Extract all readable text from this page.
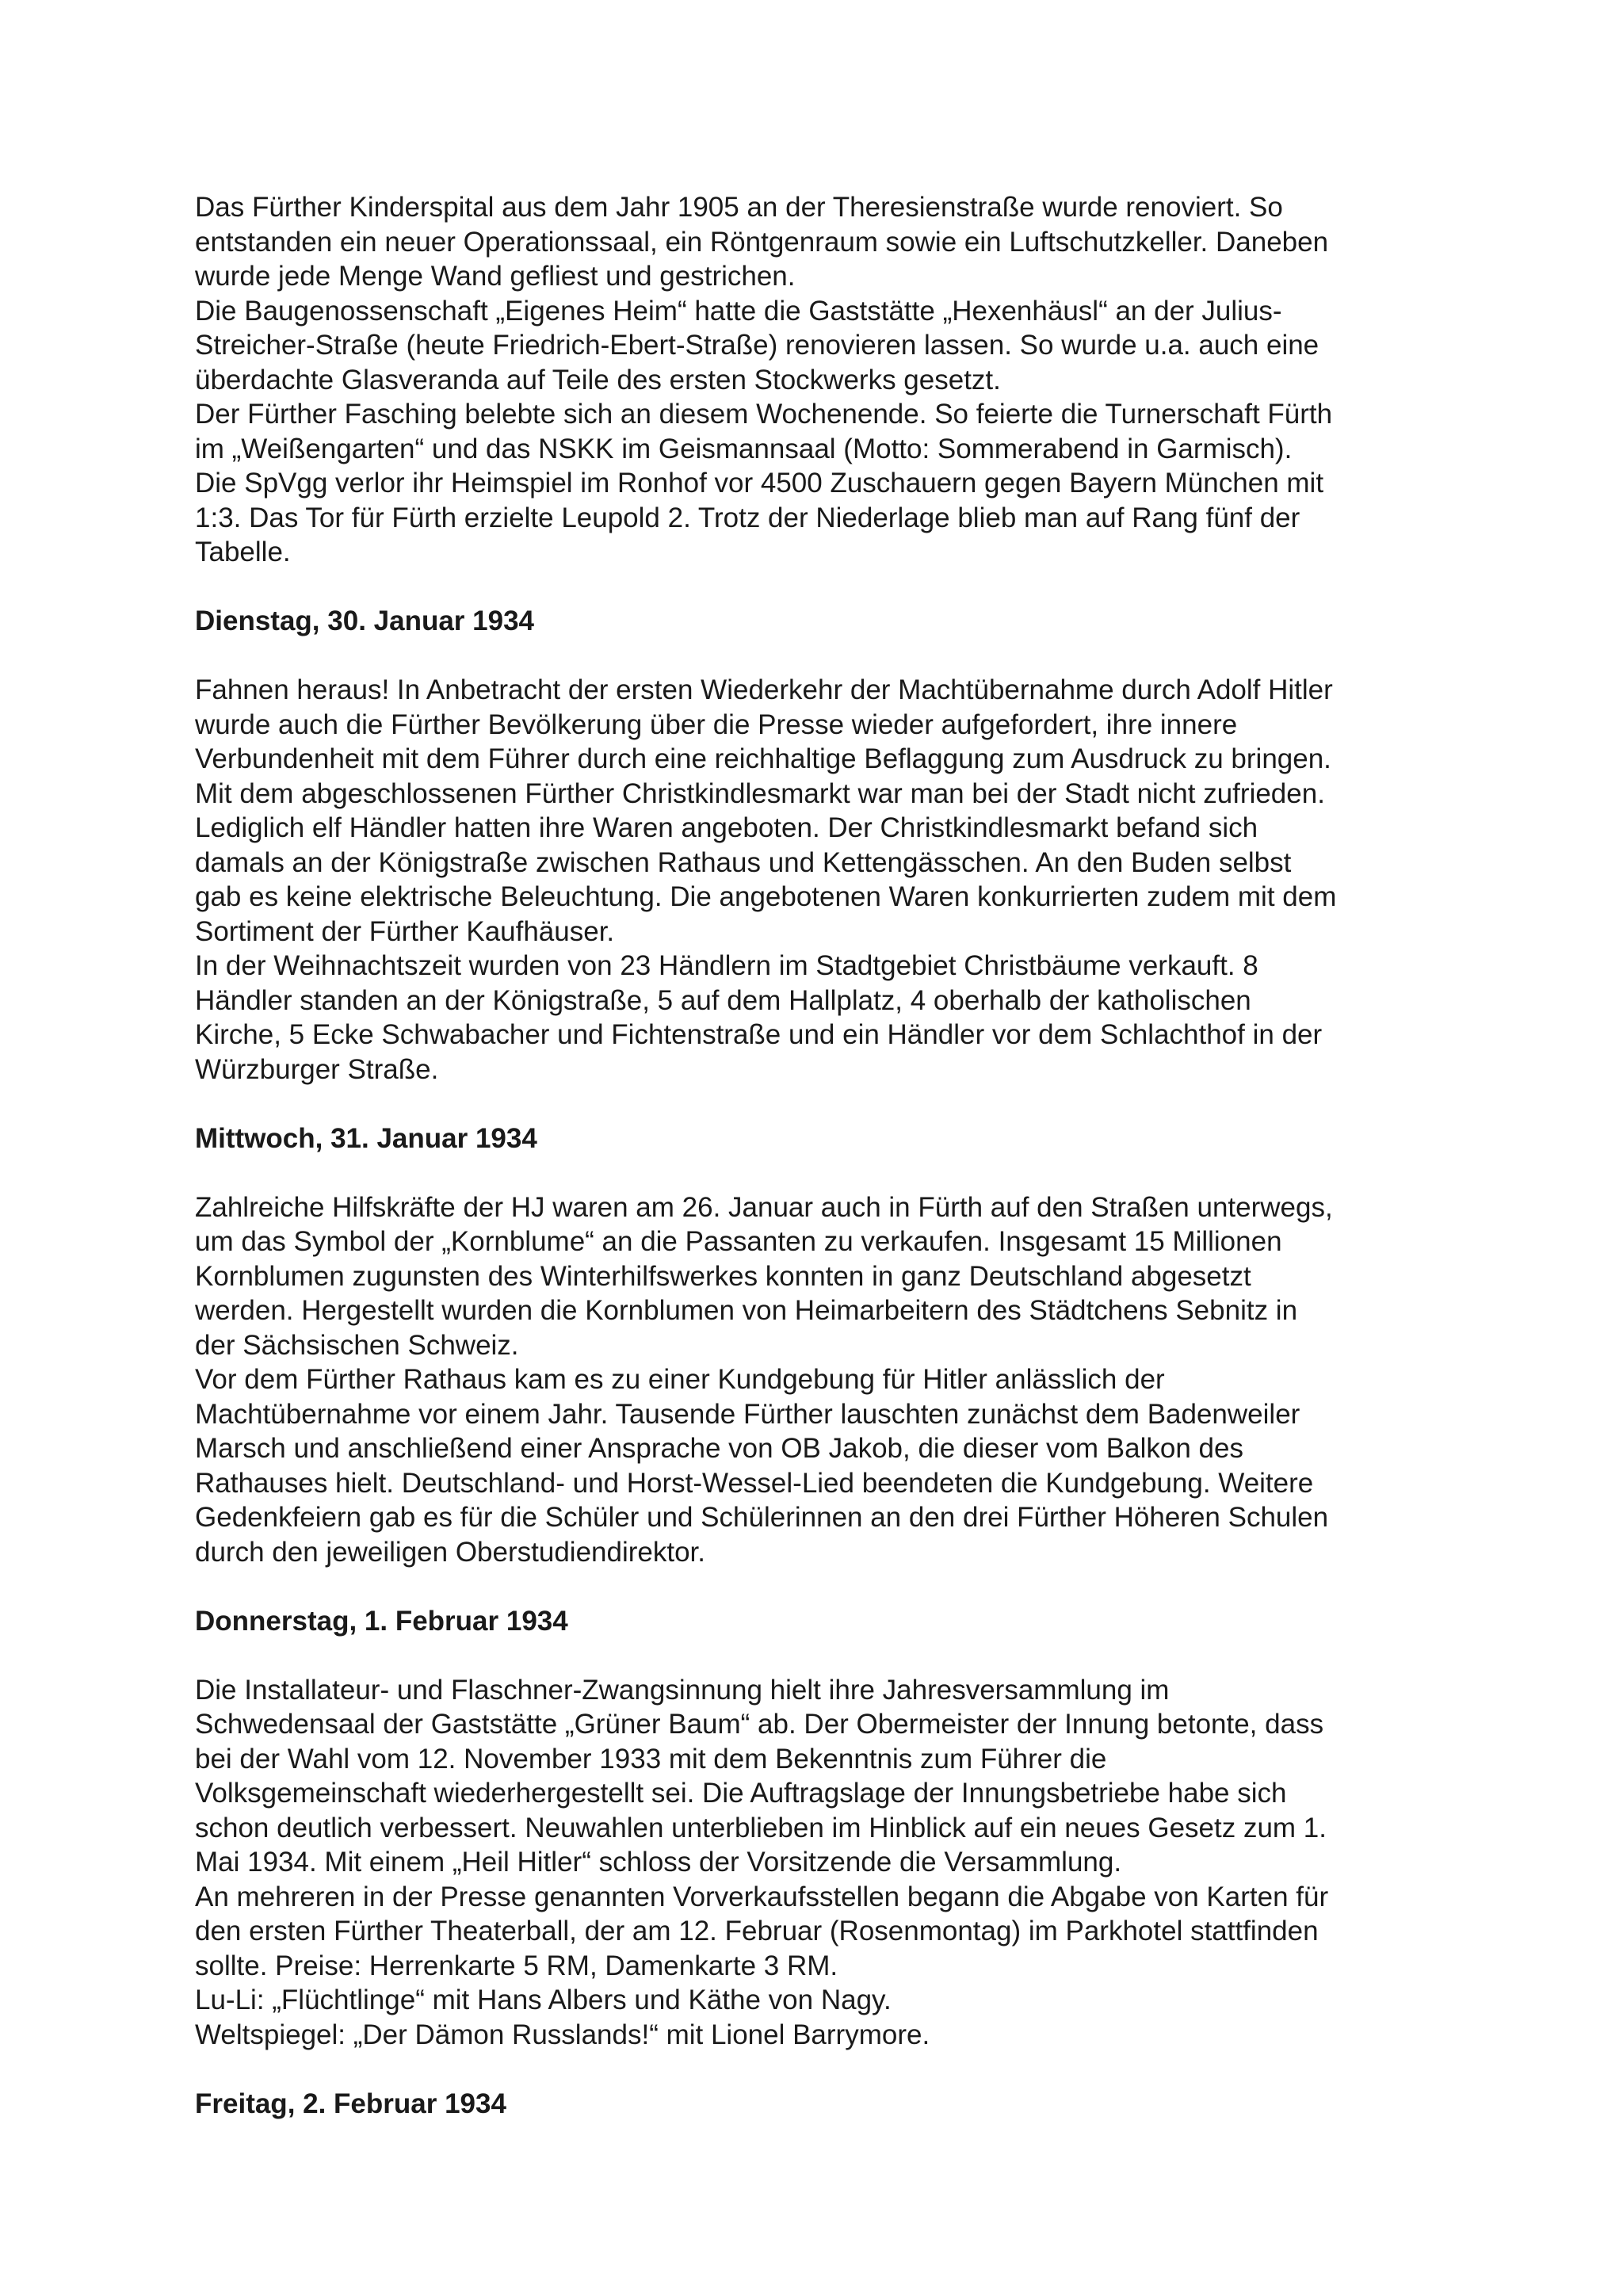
Das Fürther Kinderspital aus dem Jahr 1905 an der Theresienstraße wurde renoviert. So
entstanden ein neuer Operationssaal, ein Röntgenraum sowie ein Luftschutzkeller. Daneben
wurde jede Menge Wand gefliest und gestrichen.

Die Baugenossenschaft „Eigenes Heim“ hatte die Gaststätte „Hexenhäusl“ an der Julius-
Streicher-Straße (heute Friedrich-Ebert-Straße) renovieren lassen. So wurde u.a. auch eine
überdachte Glasveranda auf Teile des ersten Stockwerks gesetzt.

Der Fürther Fasching belebte sich an diesem Wochenende. So feierte die Turnerschaft Fürth
im „Weißengarten“ und das NSKK im Geismannsaal (Motto: Sommerabend in Garmisch).

Die SpVgg verlor ihr Heimspiel im Ronhof vor 4500 Zuschauern gegen Bayern München mit
1:3. Das Tor für Fürth erzielte Leupold 2. Trotz der Niederlage blieb man auf Rang fünf der
Tabelle.

Dienstag, 30. Januar 1934

Fahnen heraus! In Anbetracht der ersten Wiederkehr der Machtübernahme durch Adolf Hitler
wurde auch die Fürther Bevölkerung über die Presse wieder aufgefordert, ihre innere
Verbundenheit mit dem Führer durch eine reichhaltige Beflaggung zum Ausdruck zu bringen.

Mit dem abgeschlossenen Fürther Christkindlesmarkt war man bei der Stadt nicht zufrieden.
Lediglich elf Händler hatten ihre Waren angeboten. Der Christkindlesmarkt befand sich
damals an der Königstraße zwischen Rathaus und Kettengässchen. An den Buden selbst
gab es keine elektrische Beleuchtung. Die angebotenen Waren konkurrierten zudem mit dem
Sortiment der Fürther Kaufhäuser.

In der Weihnachtszeit wurden von 23 Händlern im Stadtgebiet Christbäume verkauft. 8
Händler standen an der Königstraße, 5 auf dem Hallplatz, 4 oberhalb der katholischen
Kirche, 5 Ecke Schwabacher und Fichtenstraße und ein Händler vor dem Schlachthof in der
Würzburger Straße.

Mittwoch, 31. Januar 1934

Zahlreiche Hilfskräfte der HJ waren am 26. Januar auch in Fürth auf den Straßen unterwegs,
um das Symbol der „Kornblume“ an die Passanten zu verkaufen. Insgesamt 15 Millionen
Kornblumen zugunsten des Winterhilfswerkes konnten in ganz Deutschland abgesetzt
werden. Hergestellt wurden die Kornblumen von Heimarbeitern des Städtchens Sebnitz in
der Sächsischen Schweiz.

Vor dem Fürther Rathaus kam es zu einer Kundgebung für Hitler anlässlich der
Machtübernahme vor einem Jahr. Tausende Fürther lauschten zunächst dem Badenweiler
Marsch und anschließend einer Ansprache von OB Jakob, die dieser vom Balkon des
Rathauses hielt. Deutschland- und Horst-Wessel-Lied beendeten die Kundgebung. Weitere
Gedenkfeiern gab es für die Schüler und Schülerinnen an den drei Fürther Höheren Schulen
durch den jeweiligen Oberstudiendirektor.

Donnerstag, 1. Februar 1934

Die Installateur- und Flaschner-Zwangsinnung hielt ihre Jahresversammlung im
Schwedensaal der Gaststätte „Grüner Baum“ ab. Der Obermeister der Innung betonte, dass
bei der Wahl vom 12. November 1933 mit dem Bekenntnis zum Führer die
Volksgemeinschaft wiederhergestellt sei. Die Auftragslage der Innungsbetriebe habe sich
schon deutlich verbessert. Neuwahlen unterblieben im Hinblick auf ein neues Gesetz zum 1.
Mai 1934. Mit einem „Heil Hitler“ schloss der Vorsitzende die Versammlung.

An mehreren in der Presse genannten Vorverkaufsstellen begann die Abgabe von Karten für
den ersten Fürther Theaterball, der am 12. Februar (Rosenmontag) im Parkhotel stattfinden
sollte. Preise: Herrenkarte 5 RM, Damenkarte 3 RM.

Lu-Li: „Flüchtlinge“ mit Hans Albers und Käthe von Nagy.

Weltspiegel: „Der Dämon Russlands!“ mit Lionel Barrymore.

Freitag, 2. Februar 1934
